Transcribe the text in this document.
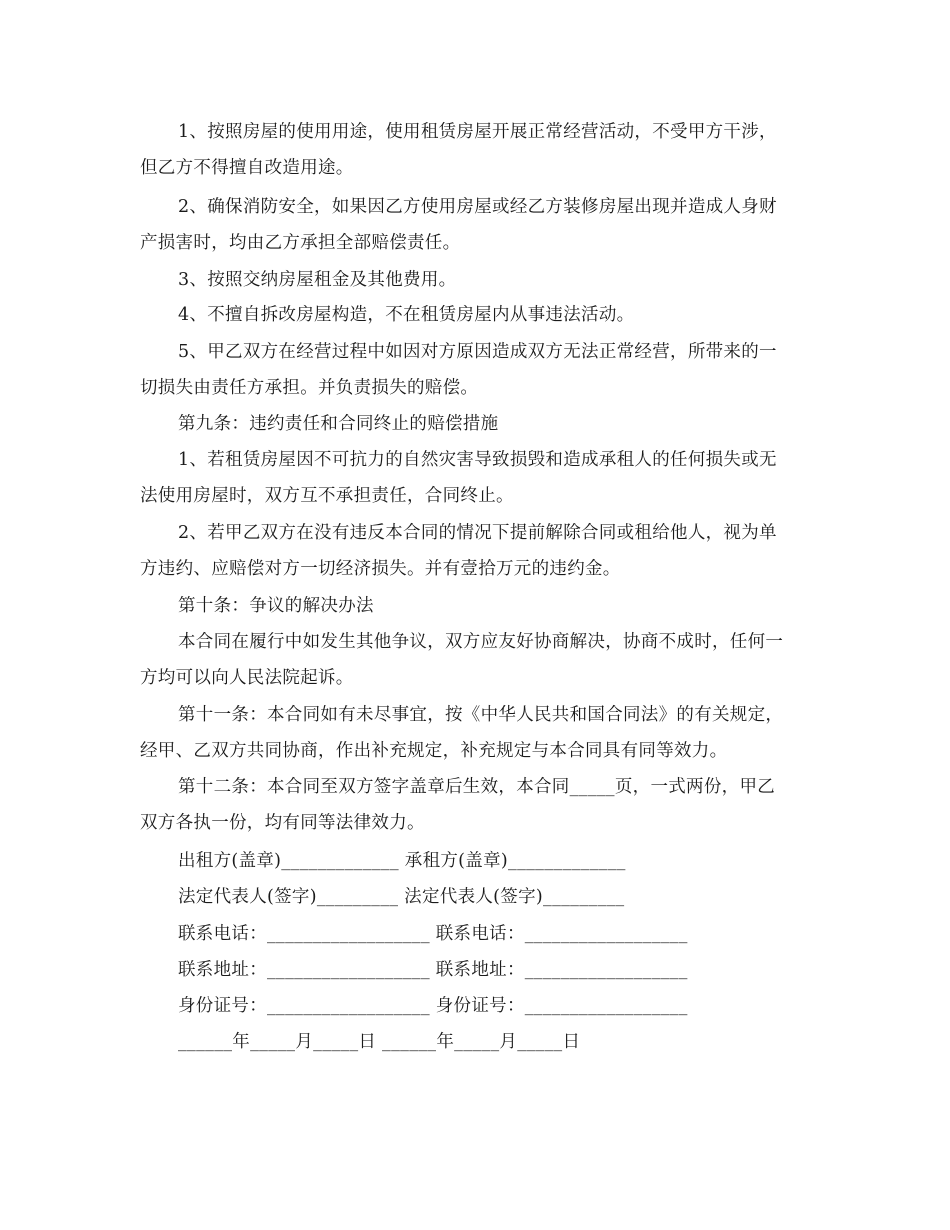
1、按照房屋的使用用途，使用租赁房屋开展正常经营活动，不受甲方干涉，
但乙方不得擅自改造用途。
2、确保消防安全，如果因乙方使用房屋或经乙方装修房屋出现并造成人身财
产损害时，均由乙方承担全部赔偿责任。
3、按照交纳房屋租金及其他费用。
4、不擅自拆改房屋构造，不在租赁房屋内从事违法活动。
5、甲乙双方在经营过程中如因对方原因造成双方无法正常经营，所带来的一
切损失由责任方承担。并负责损失的赔偿。
第九条：违约责任和合同终止的赔偿措施
1、若租赁房屋因不可抗力的自然灾害导致损毁和造成承租人的任何损失或无
法使用房屋时，双方互不承担责任，合同终止。
2、若甲乙双方在没有违反本合同的情况下提前解除合同或租给他人，视为单
方违约、应赔偿对方一切经济损失。并有壹拾万元的违约金。
第十条：争议的解决办法
本合同在履行中如发生其他争议，双方应友好协商解决，协商不成时，任何一
方均可以向人民法院起诉。
第十一条：本合同如有未尽事宜，按《中华人民共和国合同法》的有关规定，
经甲、乙双方共同协商，作出补充规定，补充规定与本合同具有同等效力。
第十二条：本合同至双方签字盖章后生效，本合同_____页，一式两份，甲乙
双方各执一份，均有同等法律效力。
出租方(盖章)_____________ 承租方(盖章)_____________
法定代表人(签字)_________ 法定代表人(签字)_________
联系电话：__________________ 联系电话：__________________
联系地址：__________________ 联系地址：__________________
身份证号：__________________ 身份证号：__________________
______年_____月_____日 ______年_____月_____日
